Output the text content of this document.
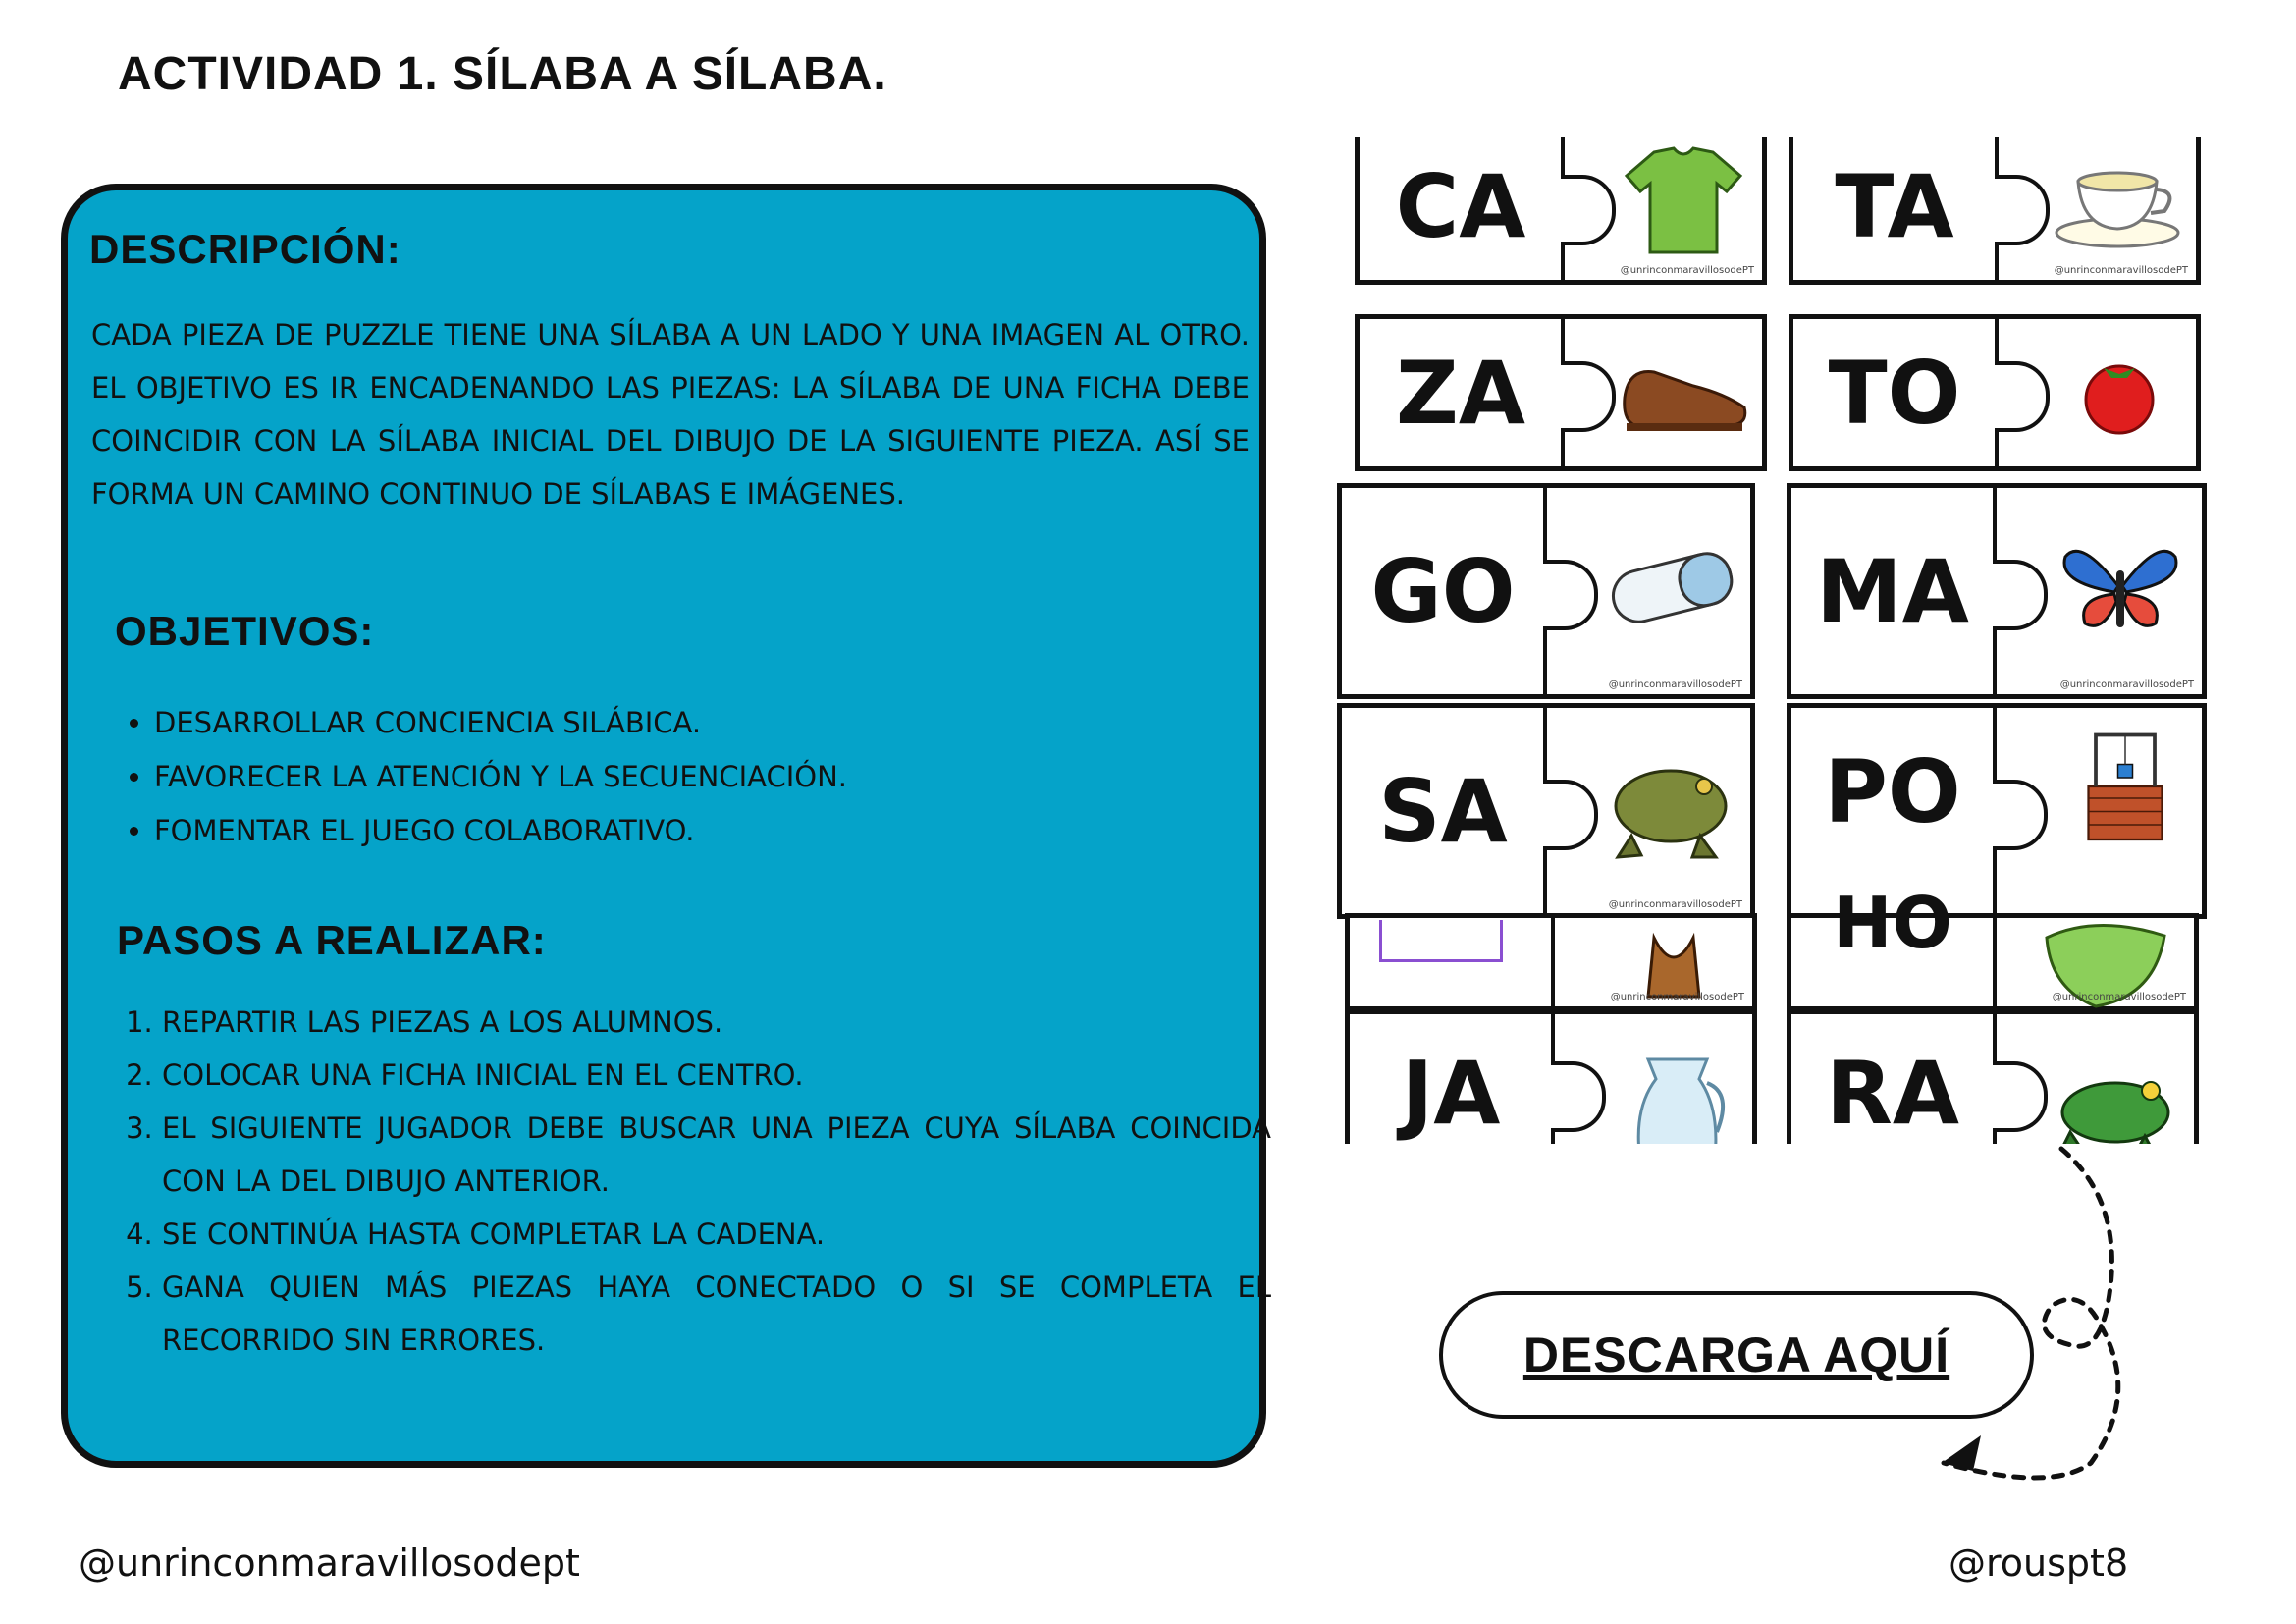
ACTIVIDAD 1. SÍLABA A SÍLABA.
DESCRIPCIÓN:
CADA PIEZA DE PUZZLE TIENE UNA SÍLABA A UN LADO Y UNA IMAGEN AL OTRO. EL OBJETIVO ES IR ENCADENANDO LAS PIEZAS: LA SÍLABA DE UNA FICHA DEBE COINCIDIR CON LA SÍLABA INICIAL DEL DIBUJO DE LA SIGUIENTE PIEZA. ASÍ SE FORMA UN CAMINO CONTINUO DE SÍLABAS E IMÁGENES.
OBJETIVOS:
• DESARROLLAR CONCIENCIA SILÁBICA.
• FAVORECER LA ATENCIÓN Y LA SECUENCIACIÓN.
• FOMENTAR EL JUEGO COLABORATIVO.
PASOS A REALIZAR:
1. REPARTIR LAS PIEZAS A LOS ALUMNOS.
2. COLOCAR UNA FICHA INICIAL EN EL CENTRO.
3. EL SIGUIENTE JUGADOR DEBE BUSCAR UNA PIEZA CUYA SÍLABA COINCIDA CON LA DEL DIBUJO ANTERIOR.
4. SE CONTINÚA HASTA COMPLETAR LA CADENA.
5. GANA QUIEN MÁS PIEZAS HAYA CONECTADO O SI SE COMPLETA EL RECORRIDO SIN ERRORES.
CA
@unrinconmaravillosodePT
TA
@unrinconmaravillosodePT
ZA	TO
GO
@unrinconmaravillosodePT
MA
@unrinconmaravillosodePT
SA
@unrinconmaravillosodePT
PO
@unrinconmaravillosodePT
HO
@unrinconmaravillosodePT
JA	RA
DESCARGA AQUÍ
@unrinconmaravillosodept	@rouspt8
